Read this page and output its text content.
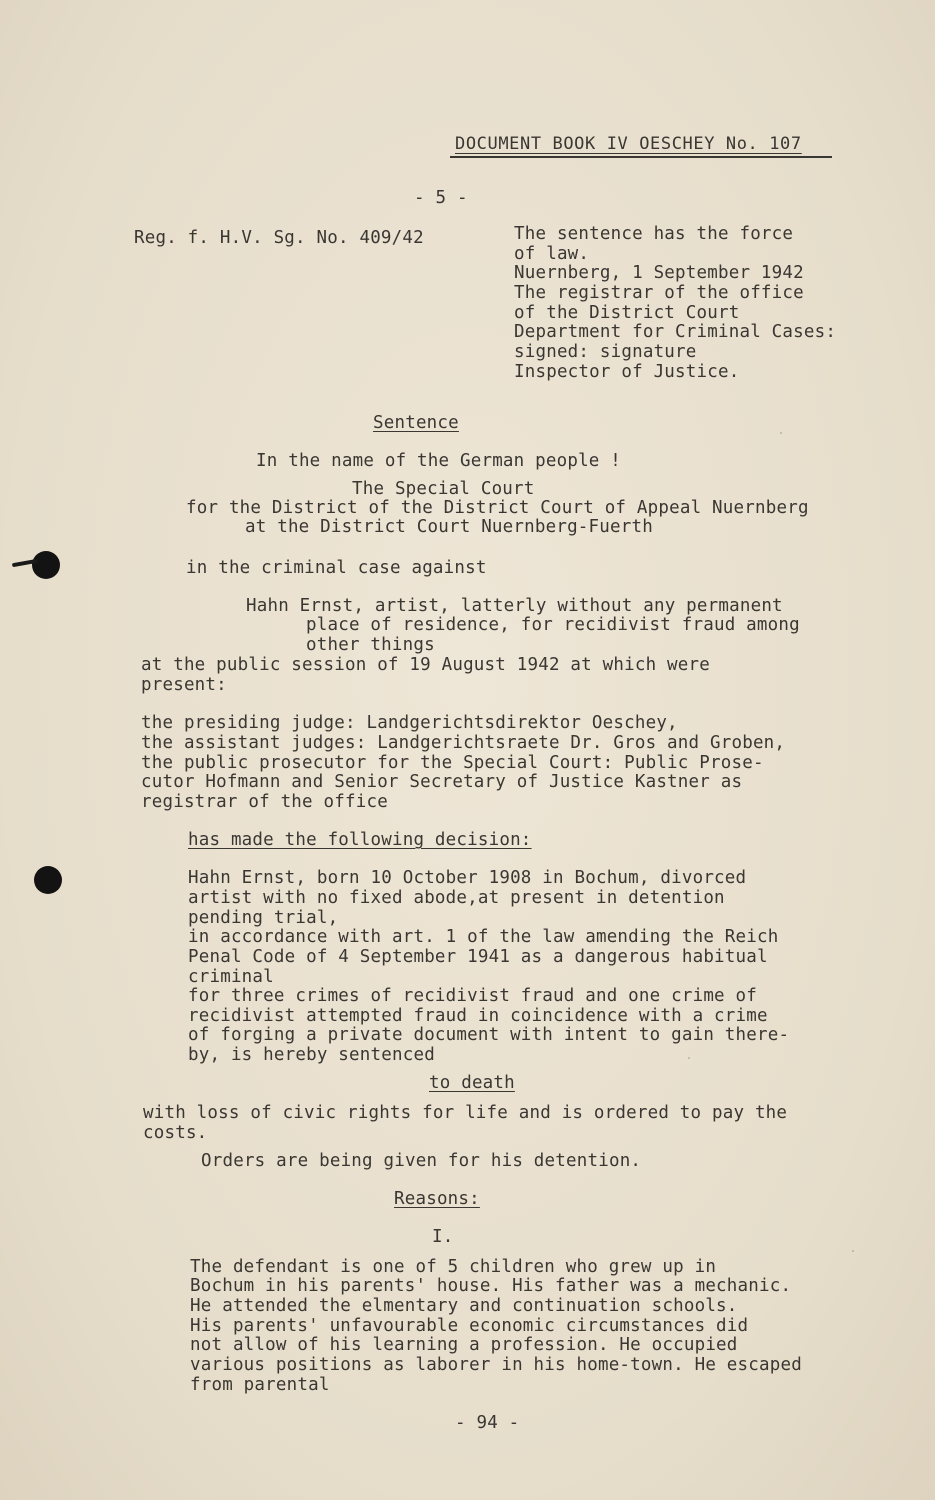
DOCUMENT BOOK IV OESCHEY No. 107
- 5 -
Reg. f. H.V. Sg. No. 409/42	The sentence has the force
of law.
Nuernberg, 1 September 1942
The registrar of the office
of the District Court
Department for Criminal Cases:
signed: signature
Inspector of Justice.
Sentence
In the name of the German people !
The Special Court
for the District of the District Court of Appeal Nuernberg
at the District Court Nuernberg-Fuerth
in the criminal case against
Hahn Ernst, artist, latterly without any permanent
place of residence, for recidivist fraud among
other things
at the public session of 19 August 1942 at which were
present:
the presiding judge: Landgerichtsdirektor Oeschey,
the assistant judges: Landgerichtsraete Dr. Gros and Groben,
the public prosecutor for the Special Court: Public Prose-
cutor Hofmann and Senior Secretary of Justice Kastner as
registrar of the office
has made the following decision:
Hahn Ernst, born 10 October 1908 in Bochum, divorced
artist with no fixed abode,at present in detention
pending trial,
in accordance with art. 1 of the law amending the Reich
Penal Code of 4 September 1941 as a dangerous habitual
criminal
for three crimes of recidivist fraud and one crime of
recidivist attempted fraud in coincidence with a crime
of forging a private document with intent to gain there-
by, is hereby sentenced
to death
with loss of civic rights for life and is ordered to pay the
costs.
Orders are being given for his detention.
Reasons:
I.
The defendant is one of 5 children who grew up in
Bochum in his parents' house. His father was a mechanic.
He attended the elmentary and continuation schools.
His parents' unfavourable economic circumstances did
not allow of his learning a profession. He occupied
various positions as laborer in his home-town. He escaped
from parental
- 94 -
